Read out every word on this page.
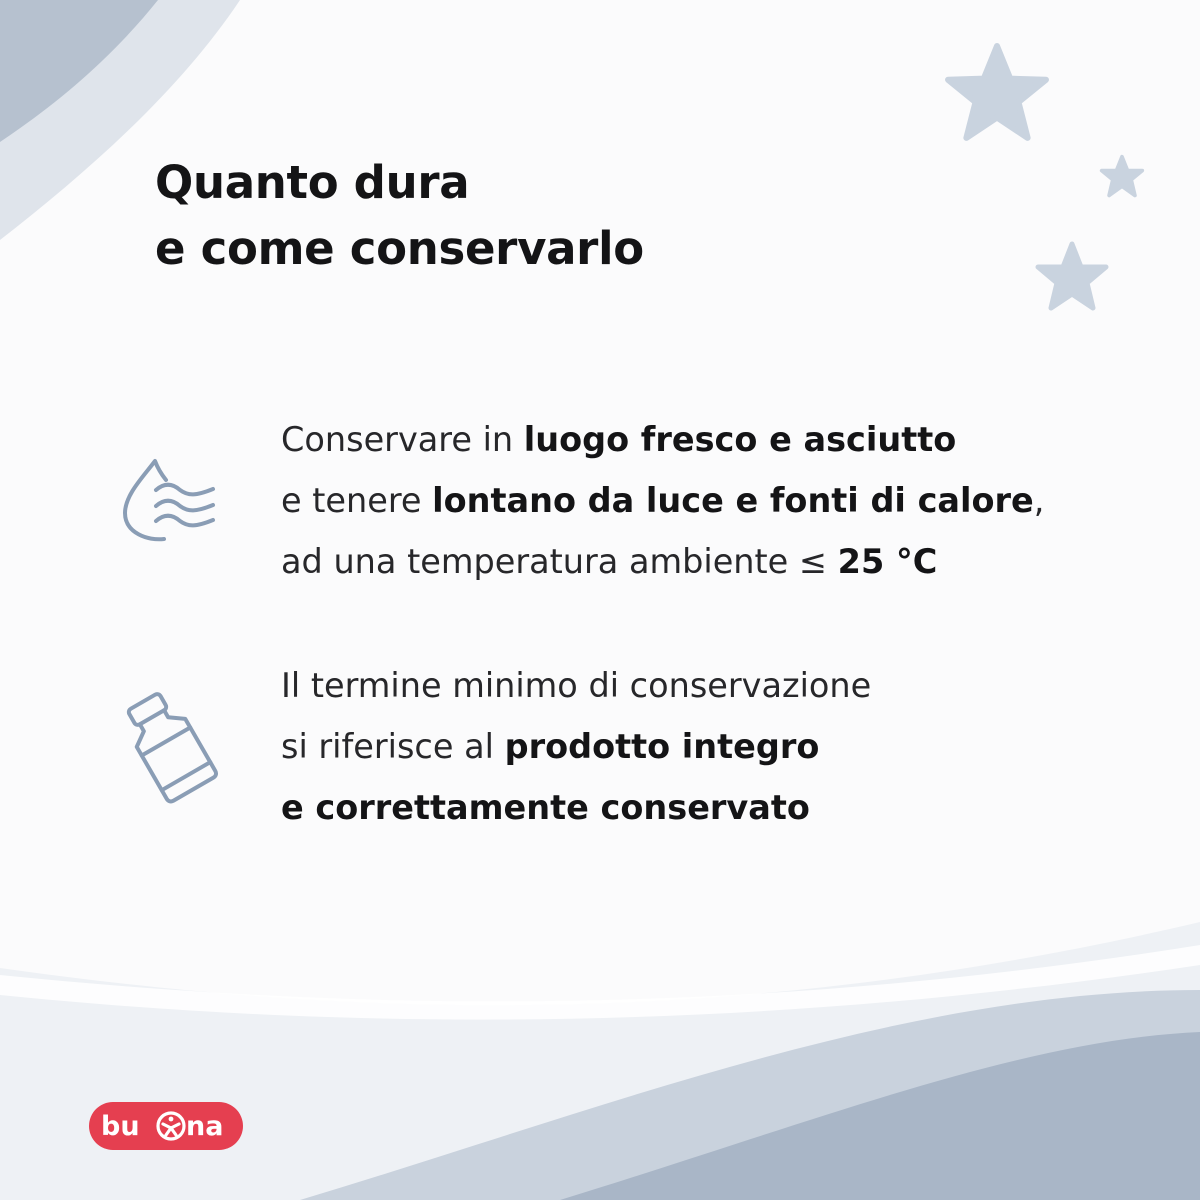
Quanto dura
e come conservarlo
Conservare in luogo fresco e asciutto
e tenere lontano da luce e fonti di calore,
ad una temperatura ambiente ≤ 25 °C
Il termine minimo di conservazione
si riferisce al prodotto integro
e correttamente conservato
bu na
